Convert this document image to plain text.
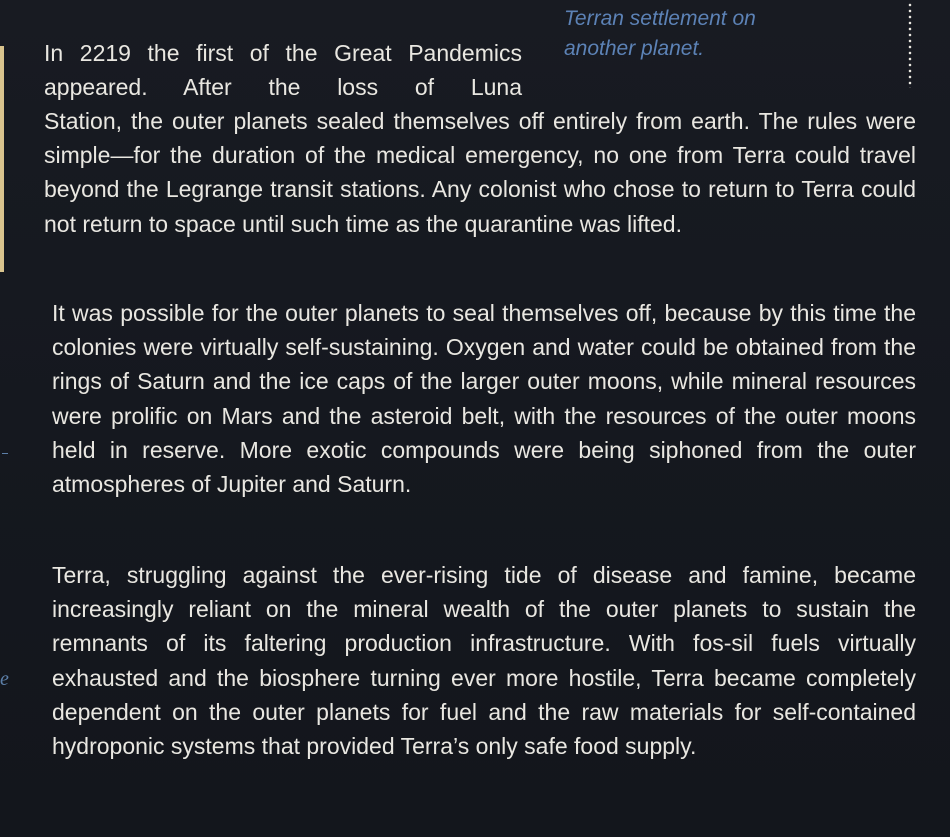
e
Terran settlement on
another planet.
In 2219 the first of the Great Pandemics
appeared. After the loss of Luna
Station, the outer planets sealed themselves off entirely from earth. The rules were simple—for the duration of the medical emergency, no one from Terra could travel beyond the Legrange transit stations. Any colonist who chose to return to Terra could not return to space until such time as the quarantine was lifted.
It was possible for the outer planets to seal themselves off, because by this time the colonies were virtually self-sustaining. Oxygen and water could be obtained from the rings of Saturn and the ice caps of the larger outer moons, while mineral resources were prolific on Mars and the asteroid belt, with the resources of the outer moons held in reserve. More exotic compounds were being siphoned from the outer atmospheres of Jupiter and Saturn.
Terra, struggling against the ever-rising tide of disease and famine, became increasingly reliant on the mineral wealth of the outer planets to sustain the remnants of its faltering production infrastructure. With fos-sil fuels virtually exhausted and the biosphere turning ever more hostile, Terra became completely dependent on the outer planets for fuel and the raw materials for self-contained hydroponic systems that provided Terra’s only safe food supply.
